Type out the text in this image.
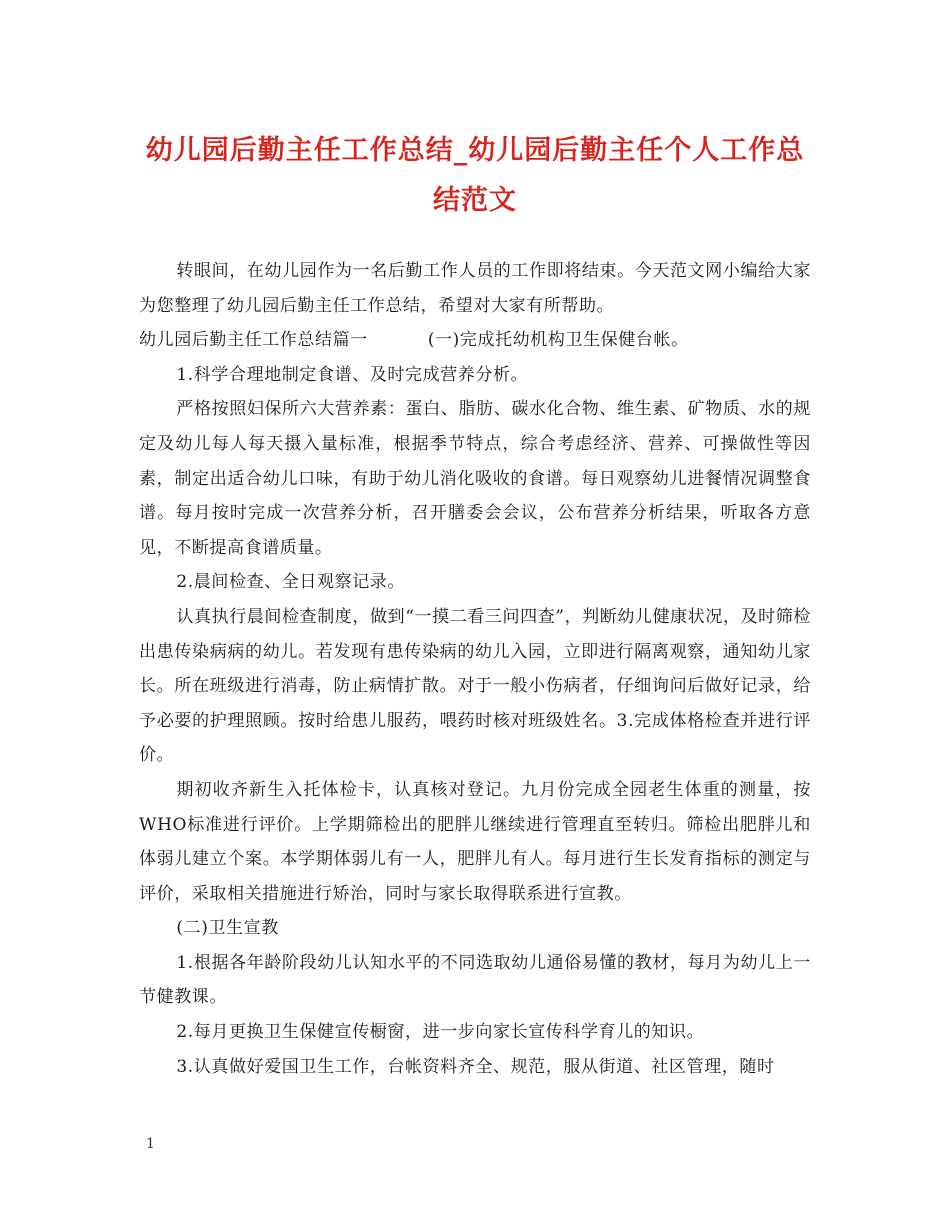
幼儿园后勤主任工作总结_幼儿园后勤主任个人工作总
结范文

转眼间，在幼儿园作为一名后勤工作人员的工作即将结束。今天范文网小编给大家为您整理了幼儿园后勤主任工作总结，希望对大家有所帮助。

幼儿园后勤主任工作总结篇一	(一)完成托幼机构卫生保健台帐。

1.科学合理地制定食谱、及时完成营养分析。

严格按照妇保所六大营养素：蛋白、脂肪、碳水化合物、维生素、矿物质、水的规定及幼儿每人每天摄入量标准，根据季节特点，综合考虑经济、营养、可操做性等因素，制定出适合幼儿口味，有助于幼儿消化吸收的食谱。每日观察幼儿进餐情况调整食谱。每月按时完成一次营养分析，召开膳委会会议，公布营养分析结果，听取各方意见，不断提高食谱质量。

2.晨间检查、全日观察记录。

认真执行晨间检查制度，做到“一摸二看三问四查”，判断幼儿健康状况，及时筛检出患传染病病的幼儿。若发现有患传染病的幼儿入园，立即进行隔离观察，通知幼儿家长。所在班级进行消毒，防止病情扩散。对于一般小伤病者，仔细询问后做好记录，给予必要的护理照顾。按时给患儿服药，喂药时核对班级姓名。3.完成体格检查并进行评价。

期初收齐新生入托体检卡，认真核对登记。九月份完成全园老生体重的测量，按WHO标准进行评价。上学期筛检出的肥胖儿继续进行管理直至转归。筛检出肥胖儿和体弱儿建立个案。本学期体弱儿有一人，肥胖儿有人。每月进行生长发育指标的测定与评价，采取相关措施进行矫治，同时与家长取得联系进行宣教。

(二)卫生宣教

1.根据各年龄阶段幼儿认知水平的不同选取幼儿通俗易懂的教材，每月为幼儿上一节健教课。

2.每月更换卫生保健宣传橱窗，进一步向家长宣传科学育儿的知识。

3.认真做好爱国卫生工作，台帐资料齐全、规范，服从街道、社区管理，随时

1
